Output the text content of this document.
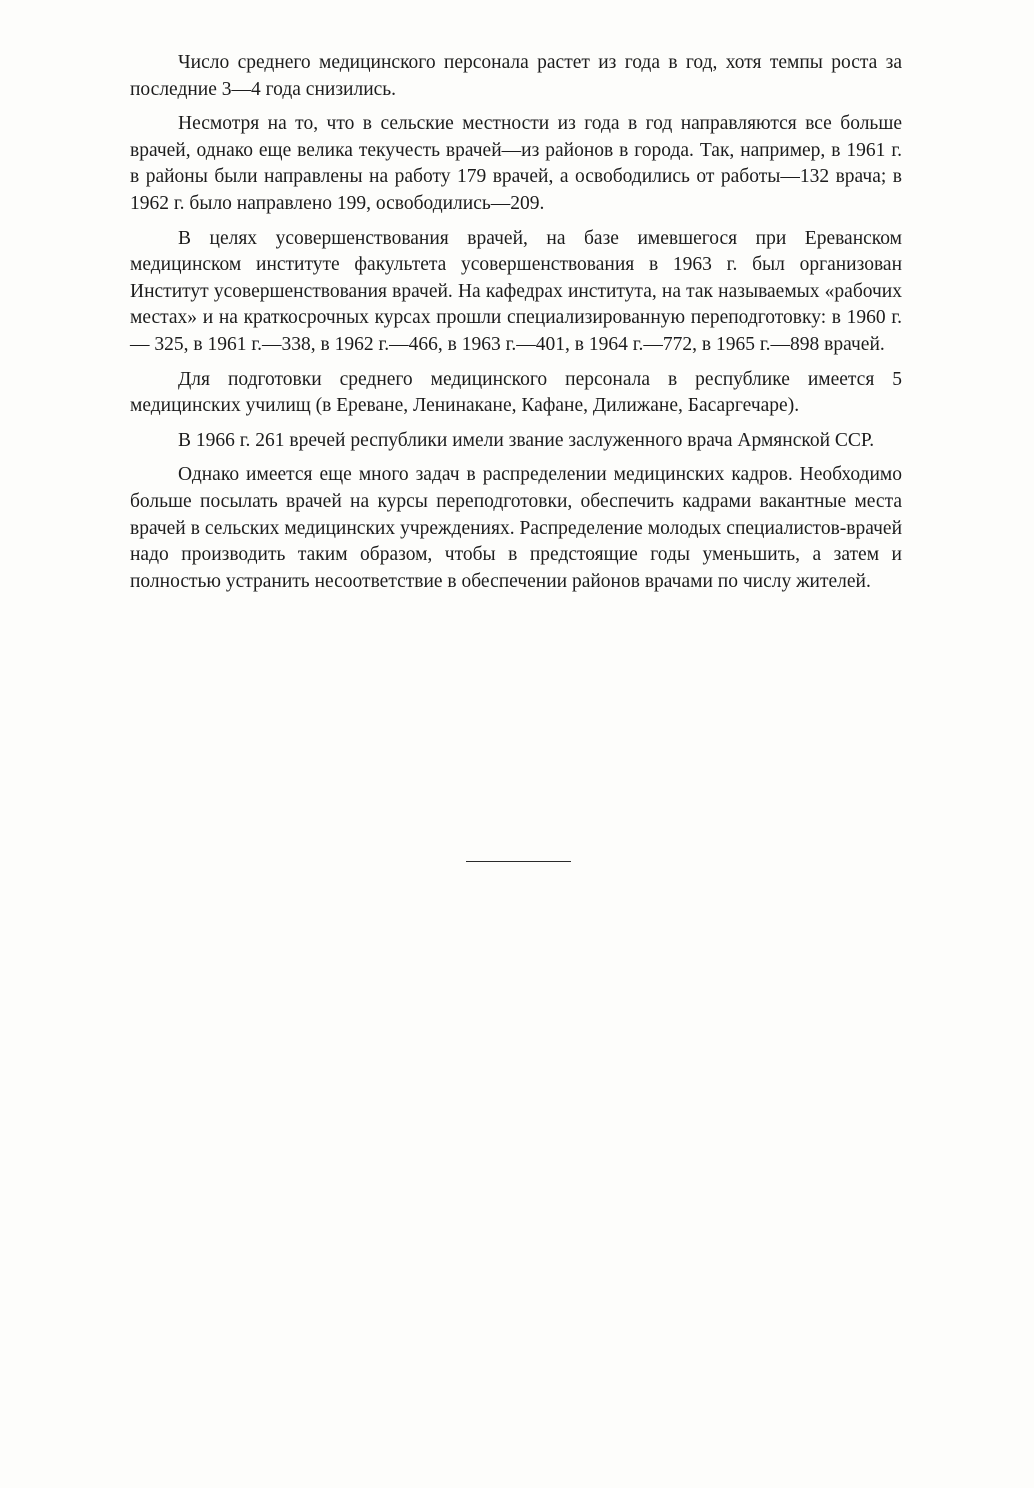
Число среднего медицинского персонала растет из года в год, хотя темпы роста за последние 3—4 года снизились.

Несмотря на то, что в сельские местности из года в год направляются все больше врачей, однако еще велика текучесть врачей—из районов в города. Так, например, в 1961 г. в районы были направлены на работу 179 врачей, а освободились от работы—132 врача; в 1962 г. было направлено 199, освободились—209.

В целях усовершенствования врачей, на базе имевшегося при Ереванском медицинском институте факультета усовершенствования в 1963 г. был организован Институт усовершенствования врачей. На кафедрах института, на так называемых «рабочих местах» и на краткосрочных курсах прошли специализированную переподготовку: в 1960 г.— 325, в 1961 г.—338, в 1962 г.—466, в 1963 г.—401, в 1964 г.—772, в 1965 г.—898 врачей.

Для подготовки среднего медицинского персонала в республике имеется 5 медицинских училищ (в Ереване, Ленинакане, Кафане, Дилижане, Басаргечаре).

В 1966 г. 261 вречей республики имели звание заслуженного врача Армянской ССР.

Однако имеется еще много задач в распределении медицинских кадров. Необходимо больше посылать врачей на курсы переподготовки, обеспечить кадрами вакантные места врачей в сельских медицинских учреждениях. Распределение молодых специалистов-врачей надо производить таким образом, чтобы в предстоящие годы уменьшить, а затем и полностью устранить несоответствие в обеспечении районов врачами по числу жителей.
